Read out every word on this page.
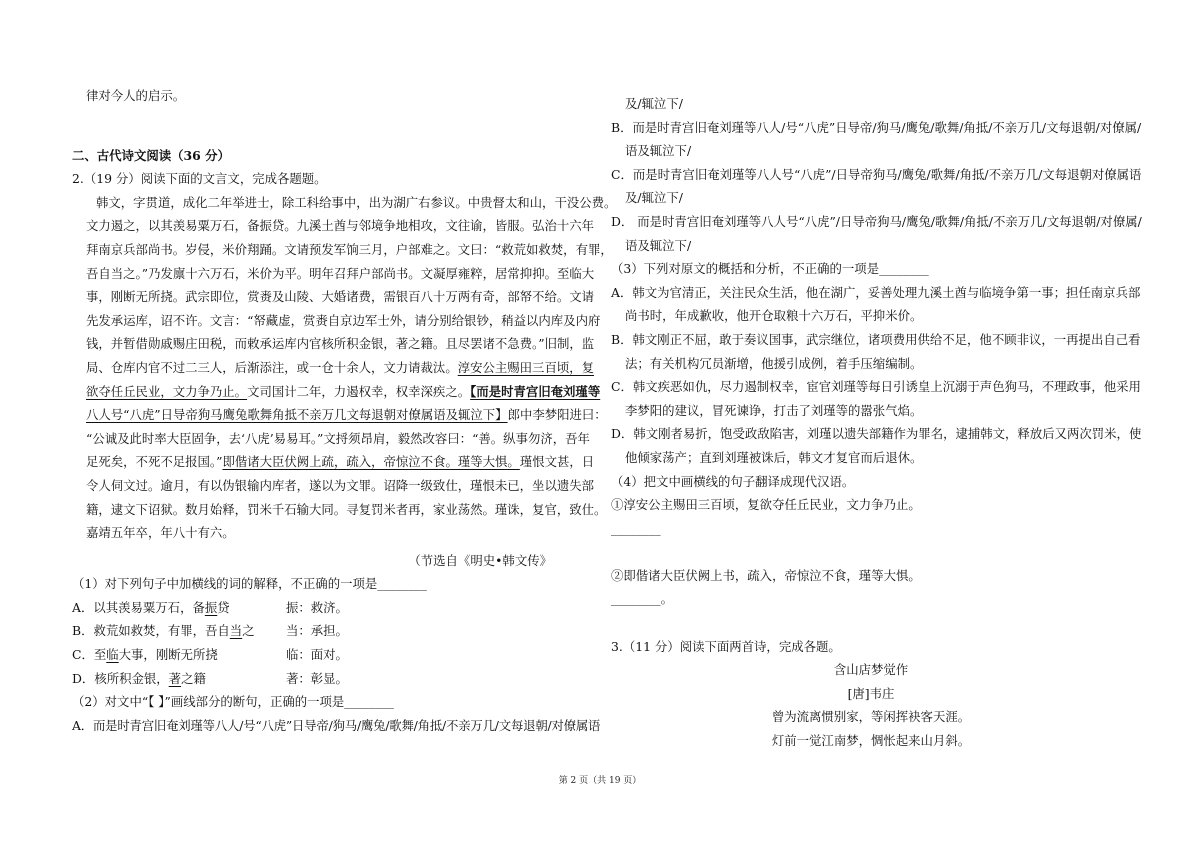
律对今人的启示。
二、古代诗文阅读（36 分）
2.（19 分）阅读下面的文言文，完成各题题。
韩文，字贯道，成化二年举进士，除工科给事中，出为湖广右参议。中贵督太和山，干没公费。
文力遏之，以其羡易粟万石，备振贷。九溪土酋与邻境争地相攻，文往谕，皆服。弘治十六年
拜南京兵部尚书。岁侵，米价翔踊。文请预发军饷三月，户部难之。文曰：“救荒如救焚，有罪，
吾自当之。”乃发廪十六万石，米价为平。明年召拜户部尚书。文凝厚雍粹，居常抑抑。至临大
事，刚断无所挠。武宗即位，赏赉及山陵、大婚诸费，需银百八十万两有奇，部帑不给。文请
先发承运库，诏不许。文言：“帑藏虚，赏赉自京边军士外，请分别给银钞，稍益以内库及内府
钱，并暂借勋戚赐庄田税，而敕承运库内官核所积金银，著之籍。且尽罢诸不急费。”旧制，监
局、仓库内官不过二三人，后渐添注，或一仓十余人，文力请裁汰。淳安公主赐田三百顷，复
欲夺任丘民业，文力争乃止。文司国计二年，力遏权幸，权幸深疾之。【而是时青宫旧奄刘瑾等
八人号“八虎”日导帝狗马鹰兔歌舞角抵不亲万几文每退朝对僚属语及辄泣下】郎中李梦阳进曰：
“公诚及此时率大臣固争，去‘八虎’易易耳。”文捋须昂肩，毅然改容曰：“善。纵事勿济，吾年
足死矣，不死不足报国。”即偕诸大臣伏阙上疏，疏入，帝惊泣不食。瑾等大惧。瑾恨文甚，日
令人伺文过。逾月，有以伪银输内库者，遂以为文罪。诏降一级致仕，瑾恨未已，坐以遗失部
籍，逮文下诏狱。数月始释，罚米千石输大同。寻复罚米者再，家业荡然。瑾诛，复官，致仕。
嘉靖五年卒，年八十有六。
（节选自《明史•韩文传》
（1）对下列句子中加横线的词的解释，不正确的一项是________
A．以其羡易粟万石，备振贷	振：救济。
B．救荒如救焚，有罪，吾自当之	当：承担。
C．至临大事，刚断无所挠	临：面对。
D．核所积金银，著之籍	著：彰显。
（2）对文中“【 】”画线部分的断句，正确的一项是________
A．而是时青宫旧奄刘瑾等八人/号“八虎”日导帝/狗马/鹰兔/歌舞/角抵/不亲万几/文每退朝/对僚属语
及/辄泣下/
B．而是时青宫旧奄刘瑾等八人/号“八虎”日导帝/狗马/鹰兔/歌舞/角抵/不亲万几/文每退朝/对僚属/
语及辄泣下/
C．而是时青宫旧奄刘瑾等八人号“八虎”/日导帝狗马/鹰兔/歌舞/角抵/不亲万几/文每退朝对僚属语
及/辄泣下/
D． 而是时青宫旧奄刘瑾等八人号“八虎”/日导帝狗马/鹰兔/歌舞/角抵/不亲万几/文每退朝/对僚属/
语及辄泣下/
（3）下列对原文的概括和分析，不正确的一项是________
A．韩文为官清正，关注民众生活，他在湖广，妥善处理九溪土酋与临境争第一事；担任南京兵部
尚书时，年成歉收，他开仓取粮十六万石，平抑米价。
B．韩文刚正不屈，敢于奏议国事，武宗继位，诸项费用供给不足，他不顾非议，一再提出自己看
法；有关机构冗员渐增，他援引成例，着手压缩编制。
C．韩文疾恶如仇，尽力遏制权幸，宦官刘瑾等每日引诱皇上沉溺于声色狗马，不理政事，他采用
李梦阳的建议，冒死谏诤，打击了刘瑾等的嚣张气焰。
D．韩文刚者易折，饱受政敌陷害，刘瑾以遗失部籍作为罪名，逮捕韩文，释放后又两次罚米，使
他倾家荡产；直到刘瑾被诛后，韩文才复官而后退休。
（4）把文中画横线的句子翻译成现代汉语。
①淳安公主赐田三百顷，复欲夺任丘民业，文力争乃止。
________
②即偕诸大臣伏阙上书，疏入，帝惊泣不食，瑾等大惧。
________。
3.（11 分）阅读下面两首诗，完成各题。
含山店梦觉作
[唐]韦庄
曾为流离惯别家，等闲挥袂客天涯。
灯前一觉江南梦，惆怅起来山月斜。
第 2 页（共 19 页）
